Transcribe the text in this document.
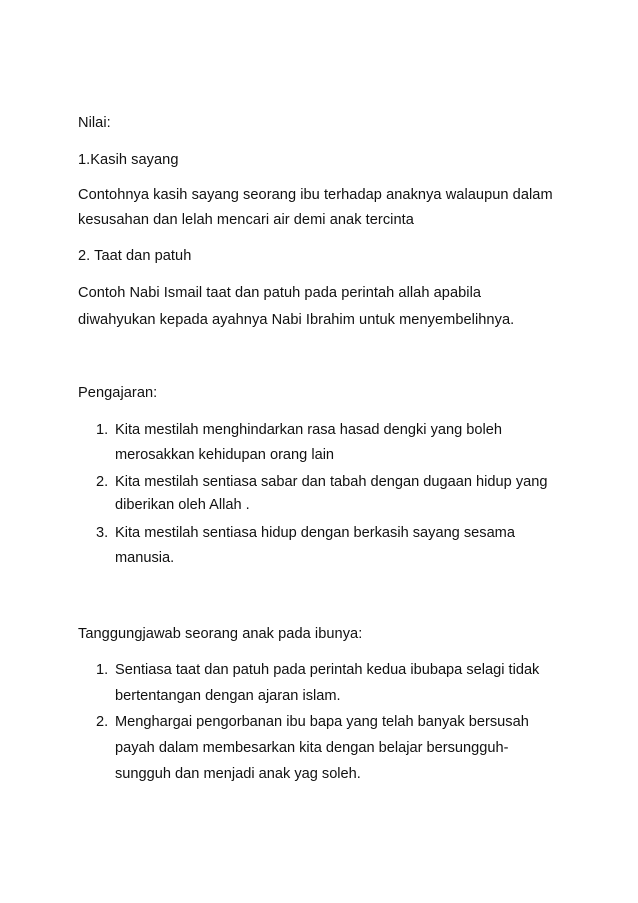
Nilai:
1.Kasih sayang
Contohnya kasih sayang seorang ibu terhadap anaknya walaupun dalam
kesusahan dan lelah mencari air demi anak tercinta
2. Taat dan patuh
Contoh Nabi Ismail taat dan patuh pada perintah allah apabila
diwahyukan kepada ayahnya Nabi Ibrahim untuk menyembelihnya.
Pengajaran:
1. Kita mestilah menghindarkan rasa hasad dengki yang boleh
merosakkan kehidupan orang lain
2. Kita mestilah sentiasa sabar dan tabah dengan dugaan hidup yang
diberikan oleh Allah .
3. Kita mestilah sentiasa hidup dengan berkasih sayang sesama
manusia.
Tanggungjawab seorang anak pada ibunya:
1. Sentiasa taat dan patuh pada perintah kedua ibubapa selagi tidak
bertentangan dengan ajaran islam.
2. Menghargai pengorbanan ibu bapa yang telah banyak bersusah
payah dalam membesarkan kita dengan belajar bersungguh-
sungguh dan menjadi anak yag soleh.
